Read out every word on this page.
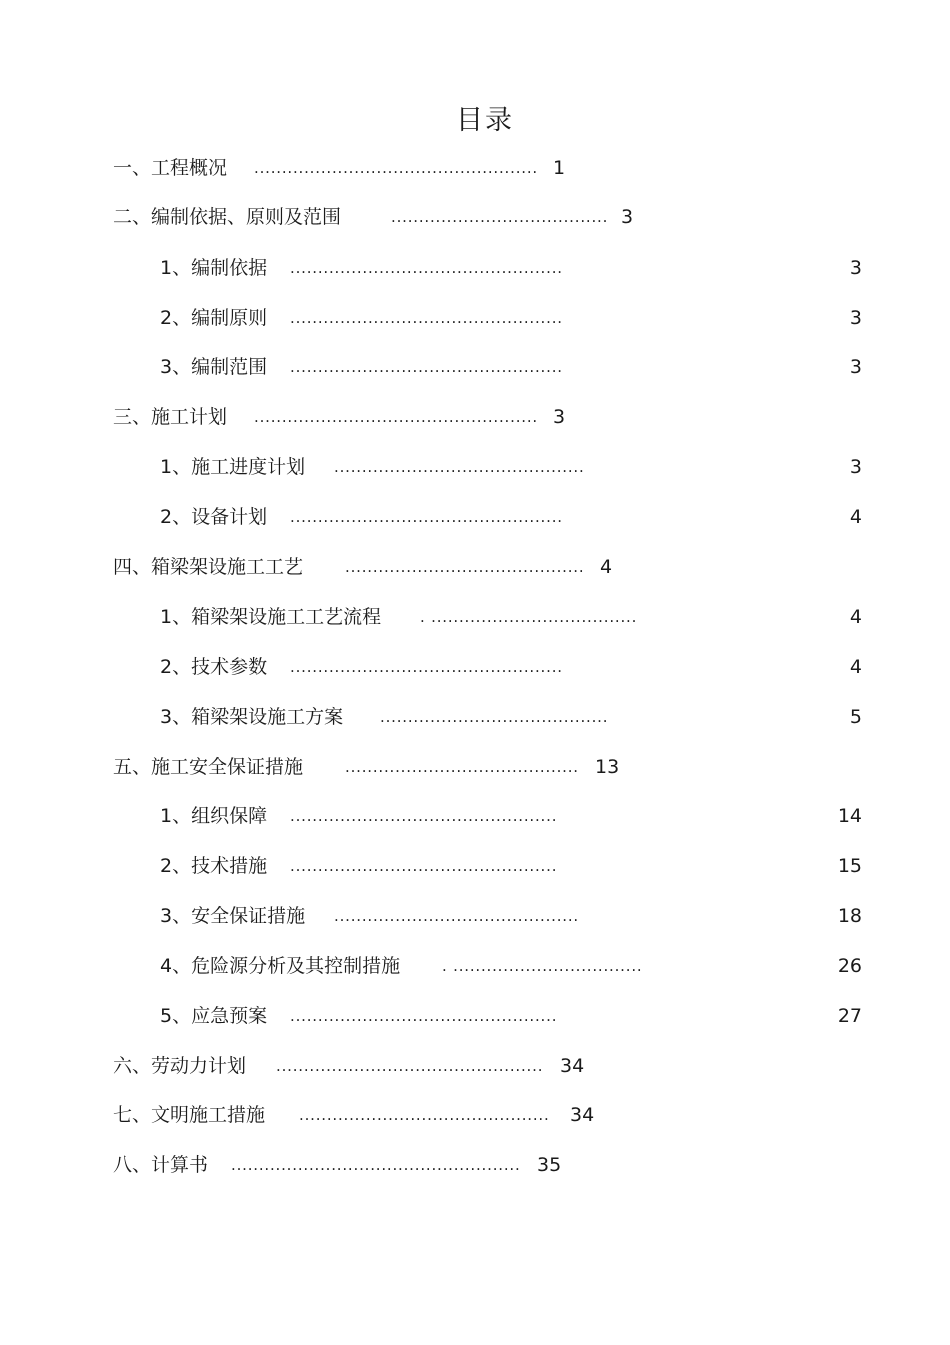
目录
一、工程概况 ................................................... 1
二、编制依据、原则及范围	....................................... 3
1、编制依据 .................................................	3
2、编制原则 .................................................	3
3、编制范围 .................................................	3
三、施工计划 ................................................... 3
1、施工进度计划 .............................................	3
2、设备计划 .................................................	4
四、箱梁架设施工工艺	........................................... 4
1、箱梁架设施工工艺流程	. .....................................	4
2、技术参数 .................................................	4
3、箱梁架设施工方案 .........................................	5
五、施工安全保证措施	.......................................... 13
1、组织保障 ................................................	14
2、技术措施 ................................................	15
3、安全保证措施 ............................................	18
4、危险源分析及其控制措施	. ..................................	26
5、应急预案 ................................................	27
六、劳动力计划 ................................................ 34
七、文明施工措施 ............................................. 34
八、计算书 .................................................... 35
